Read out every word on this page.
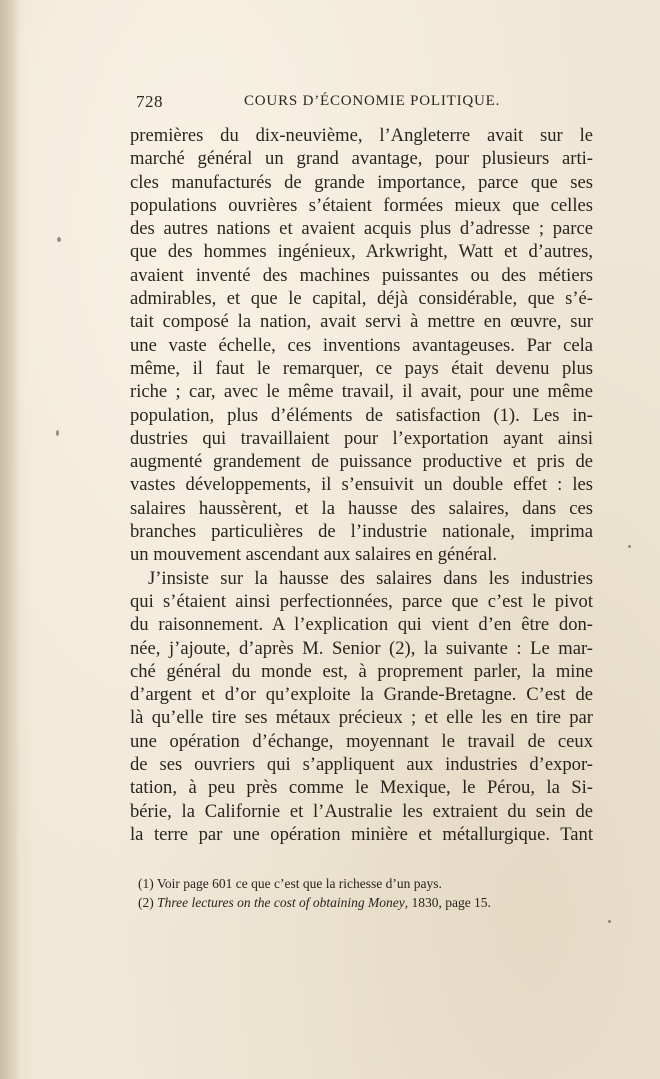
728	COURS D’ÉCONOMIE POLITIQUE.
premières du dix-neuvième, l’Angleterre avait sur le
marché général un grand avantage, pour plusieurs arti-
cles manufacturés de grande importance, parce que ses
populations ouvrières s’étaient formées mieux que celles
des autres nations et avaient acquis plus d’adresse ; parce
que des hommes ingénieux, Arkwright, Watt et d’autres,
avaient inventé des machines puissantes ou des métiers
admirables, et que le capital, déjà considérable, que s’é-
tait composé la nation, avait servi à mettre en œuvre, sur
une vaste échelle, ces inventions avantageuses. Par cela
même, il faut le remarquer, ce pays était devenu plus
riche ; car, avec le même travail, il avait, pour une même
population, plus d’éléments de satisfaction (1). Les in-
dustries qui travaillaient pour l’exportation ayant ainsi
augmenté grandement de puissance productive et pris de
vastes développements, il s’ensuivit un double effet : les
salaires haussèrent, et la hausse des salaires, dans ces
branches particulières de l’industrie nationale, imprima
un mouvement ascendant aux salaires en général.
J’insiste sur la hausse des salaires dans les industries
qui s’étaient ainsi perfectionnées, parce que c’est le pivot
du raisonnement. A l’explication qui vient d’en être don-
née, j’ajoute, d’après M. Senior (2), la suivante : Le mar-
ché général du monde est, à proprement parler, la mine
d’argent et d’or qu’exploite la Grande-Bretagne. C’est de
là qu’elle tire ses métaux précieux ; et elle les en tire par
une opération d’échange, moyennant le travail de ceux
de ses ouvriers qui s’appliquent aux industries d’expor-
tation, à peu près comme le Mexique, le Pérou, la Si-
bérie, la Californie et l’Australie les extraient du sein de
la terre par une opération minière et métallurgique. Tant
(1) Voir page 601 ce que c’est que la richesse d’un pays.
(2) Three lectures on the cost of obtaining Money, 1830, page 15.
